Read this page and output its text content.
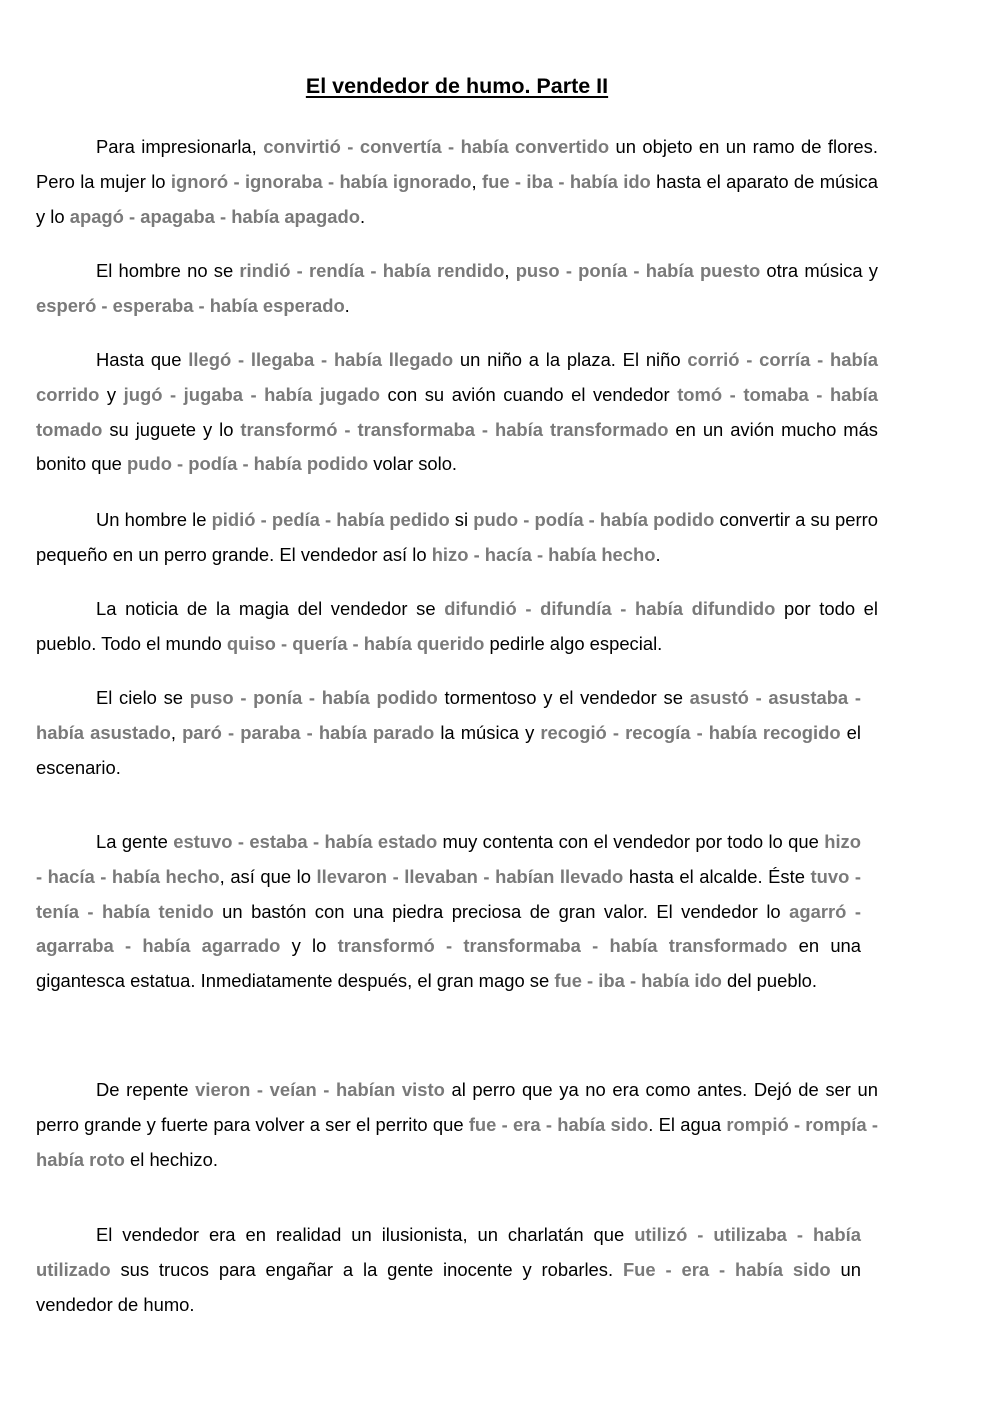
El vendedor de humo. Parte II

Para impresionarla, convirtió - convertía - había convertido un objeto en un ramo de flores. Pero la mujer lo ignoró - ignoraba - había ignorado, fue - iba - había ido hasta el aparato de música y lo apagó - apagaba - había apagado.

El hombre no se rindió - rendía - había rendido, puso - ponía - había puesto otra música y esperó - esperaba - había esperado.

Hasta que llegó - llegaba - había llegado un niño a la plaza. El niño corrió - corría - había corrido y jugó - jugaba - había jugado con su avión cuando el vendedor tomó - tomaba - había tomado su juguete y lo transformó - transformaba - había transformado en un avión mucho más bonito que pudo - podía - había podido volar solo.

Un hombre le pidió - pedía - había pedido si pudo - podía - había podido convertir a su perro pequeño en un perro grande. El vendedor así lo hizo - hacía - había hecho.

La noticia de la magia del vendedor se difundió - difundía - había difundido por todo el pueblo. Todo el mundo quiso - quería - había querido pedirle algo especial.

El cielo se puso - ponía - había podido tormentoso y el vendedor se asustó - asustaba - había asustado, paró - paraba - había parado la música y recogió - recogía - había recogido el escenario.

La gente estuvo - estaba - había estado muy contenta con el vendedor por todo lo que hizo - hacía - había hecho, así que lo llevaron - llevaban - habían llevado hasta el alcalde. Éste tuvo - tenía - había tenido un bastón con una piedra preciosa de gran valor. El vendedor lo agarró - agarraba - había agarrado y lo transformó - transformaba - había transformado en una gigantesca estatua. Inmediatamente después, el gran mago se fue - iba - había ido del pueblo.

De repente vieron - veían - habían visto al perro que ya no era como antes. Dejó de ser un perro grande y fuerte para volver a ser el perrito que fue - era - había sido. El agua rompió - rompía - había roto el hechizo.

El vendedor era en realidad un ilusionista, un charlatán que utilizó - utilizaba - había utilizado sus trucos para engañar a la gente inocente y robarles. Fue - era - había sido un vendedor de humo.
